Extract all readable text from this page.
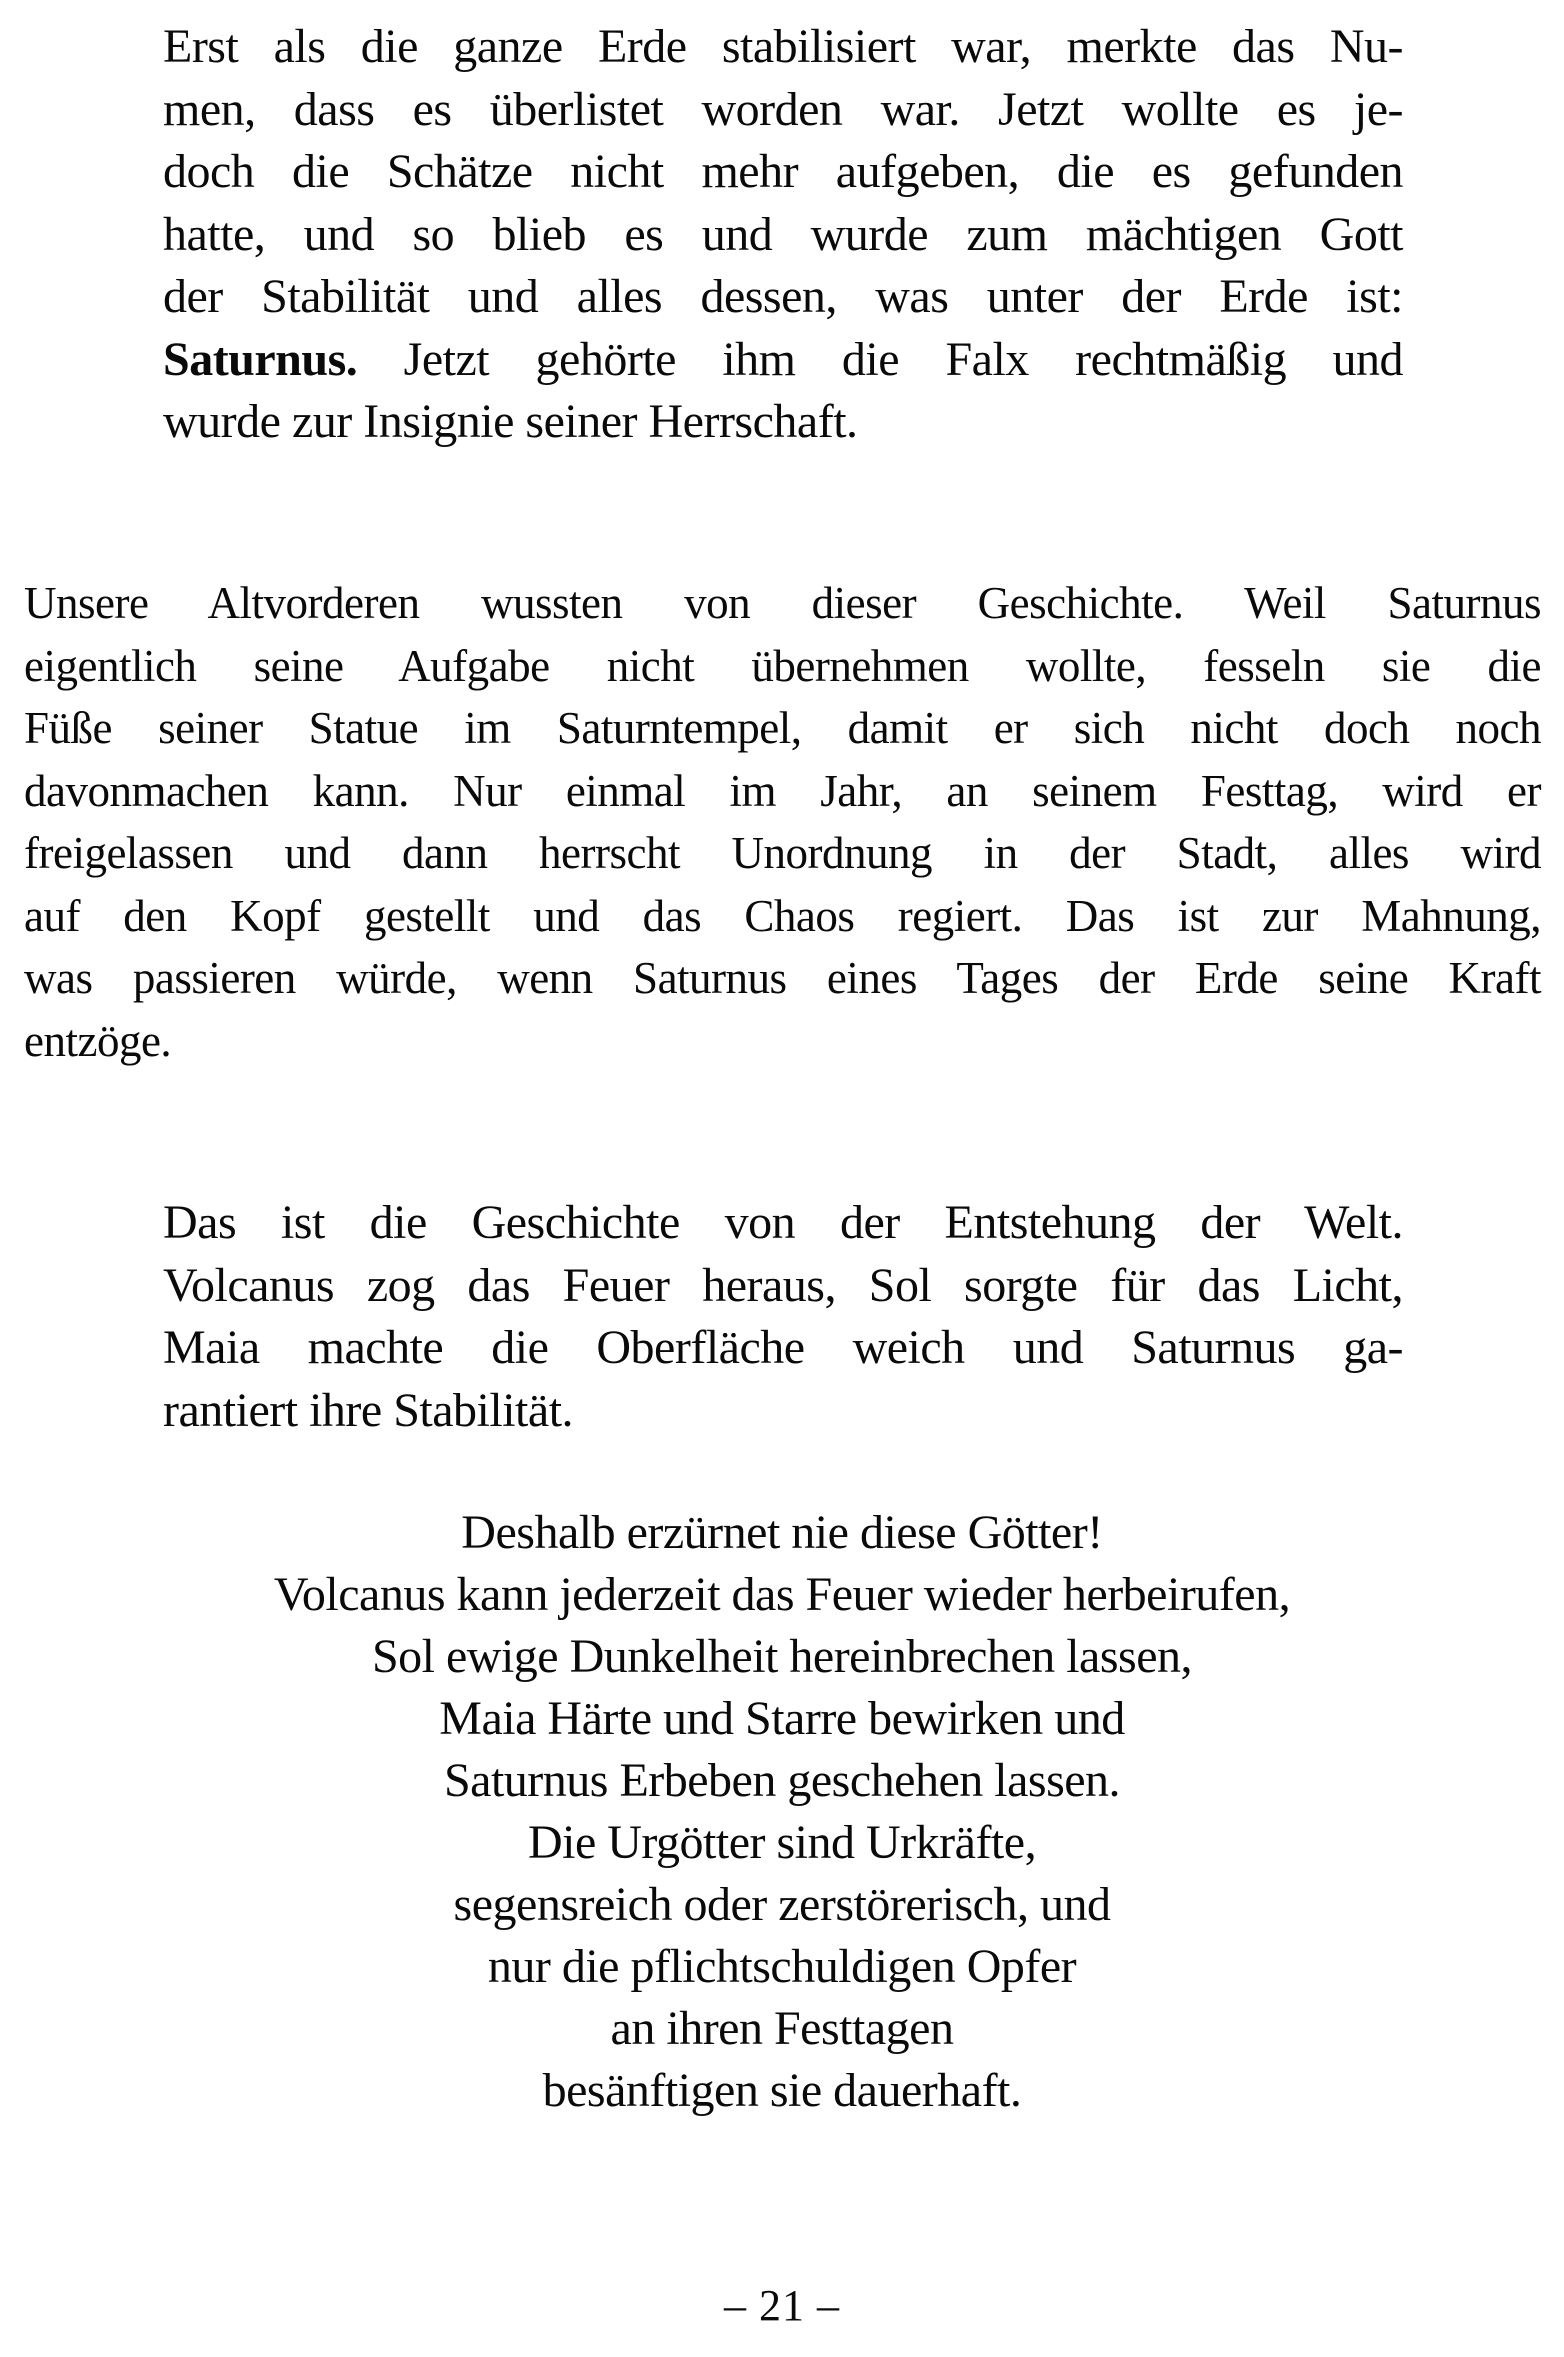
Erst als die ganze Erde stabilisiert war, merkte das Nu-
men, dass es überlistet worden war. Jetzt wollte es je-
doch die Schätze nicht mehr aufgeben, die es gefunden
hatte, und so blieb es und wurde zum mächtigen Gott
der Stabilität und alles dessen, was unter der Erde ist:
Saturnus. Jetzt gehörte ihm die Falx rechtmäßig und
wurde zur Insignie seiner Herrschaft.
Unsere Altvorderen wussten von dieser Geschichte. Weil Saturnus
eigentlich seine Aufgabe nicht übernehmen wollte, fesseln sie die
Füße seiner Statue im Saturntempel, damit er sich nicht doch noch
davonmachen kann. Nur einmal im Jahr, an seinem Festtag, wird er
freigelassen und dann herrscht Unordnung in der Stadt, alles wird
auf den Kopf gestellt und das Chaos regiert. Das ist zur Mahnung,
was passieren würde, wenn Saturnus eines Tages der Erde seine Kraft
entzöge.
Das ist die Geschichte von der Entstehung der Welt.
Volcanus zog das Feuer heraus, Sol sorgte für das Licht,
Maia machte die Oberfläche weich und Saturnus ga-
rantiert ihre Stabilität.
Deshalb erzürnet nie diese Götter!
Volcanus kann jederzeit das Feuer wieder herbeirufen,
Sol ewige Dunkelheit hereinbrechen lassen,
Maia Härte und Starre bewirken und
Saturnus Erbeben geschehen lassen.
Die Urgötter sind Urkräfte,
segensreich oder zerstörerisch, und
nur die pflichtschuldigen Opfer
an ihren Festtagen
besänftigen sie dauerhaft.
– 21 –
